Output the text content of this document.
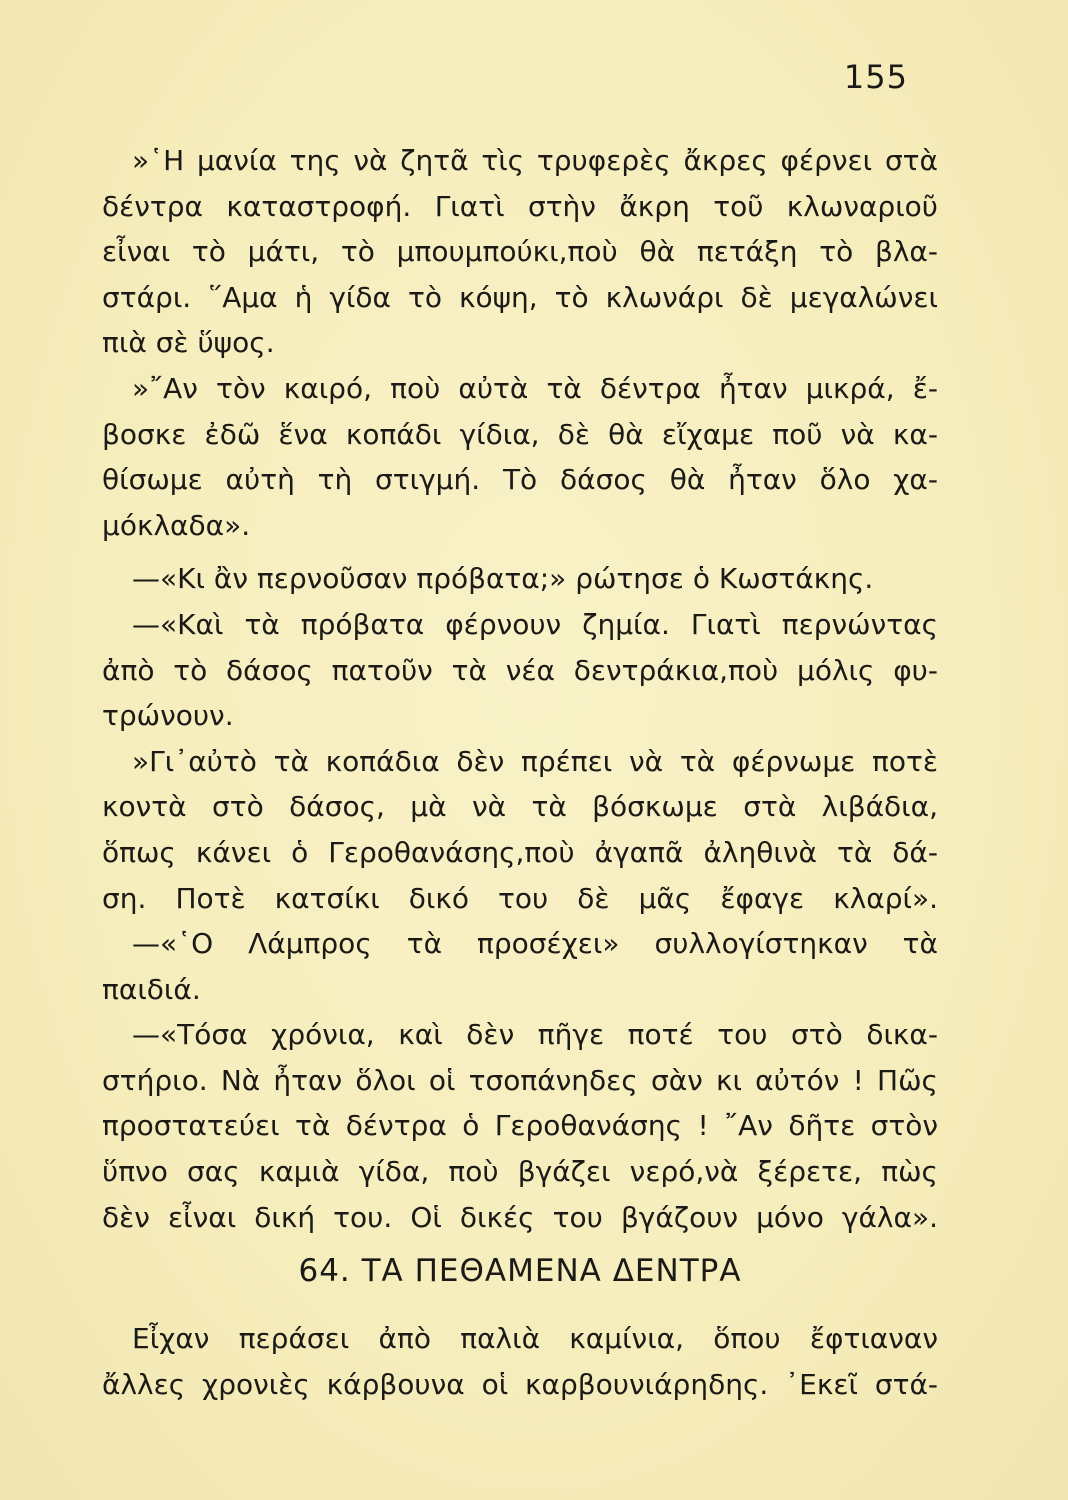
155
»῾Η μανία της νὰ ζητᾶ τὶς τρυφερὲς ἄκρες φέρνει στὰ
δέντρα καταστροφή. Γιατὶ στὴν ἄκρη τοῦ κλωναριοῦ
εἶναι τὸ μάτι, τὸ μπουμπούκι,ποὺ θὰ πετάξη τὸ βλα-
στάρι. ῞Αμα ἡ γίδα τὸ κόψη, τὸ κλωνάρι δὲ μεγαλώνει
πιὰ σὲ ὕψος.
»῎Αν τὸν καιρό, ποὺ αὐτὰ τὰ δέντρα ἦταν μικρά, ἔ-
βοσκε ἐδῶ ἕνα κοπάδι γίδια, δὲ θὰ εἴχαμε ποῦ νὰ κα-
θίσωμε αὐτὴ τὴ στιγμή. Τὸ δάσος θὰ ἦταν ὅλο χα-
μόκλαδα».
—«Κι ἂν περνοῦσαν πρόβατα;» ρώτησε ὁ Κωστάκης.
—«Καὶ τὰ πρόβατα φέρνουν ζημία. Γιατὶ περνώντας
ἀπὸ τὸ δάσος πατοῦν τὰ νέα δεντράκια,ποὺ μόλις φυ-
τρώνουν.
»Γι᾿αὐτὸ τὰ κοπάδια δὲν πρέπει νὰ τὰ φέρνωμε ποτὲ
κοντὰ στὸ δάσος, μὰ νὰ τὰ βόσκωμε στὰ λιβάδια,
ὅπως κάνει ὁ Γεροθανάσης,ποὺ ἀγαπᾶ ἀληθινὰ τὰ δά-
ση. Ποτὲ κατσίκι δικό του δὲ μᾶς ἔφαγε κλαρί».
—«῾Ο Λάμπρος τὰ προσέχει» συλλογίστηκαν τὰ
παιδιά.
—«Τόσα χρόνια, καὶ δὲν πῆγε ποτέ του στὸ δικα-
στήριο. Νὰ ἦταν ὅλοι οἱ τσοπάνηδες σὰν κι αὐτόν ! Πῶς
προστατεύει τὰ δέντρα ὁ Γεροθανάσης ! ῎Αν δῆτε στὸν
ὕπνο σας καμιὰ γίδα, ποὺ βγάζει νερό,νὰ ξέρετε, πὼς
δὲν εἶναι δική του. Οἱ δικές του βγάζουν μόνο γάλα».
64. ΤΑ ΠΕΘΑΜΕΝΑ ΔΕΝΤΡΑ
Εἶχαν περάσει ἀπὸ παλιὰ καμίνια, ὅπου ἔφτιαναν
ἄλλες χρονιὲς κάρβουνα οἱ καρβουνιάρηδης. ᾿Εκεῖ στά-
